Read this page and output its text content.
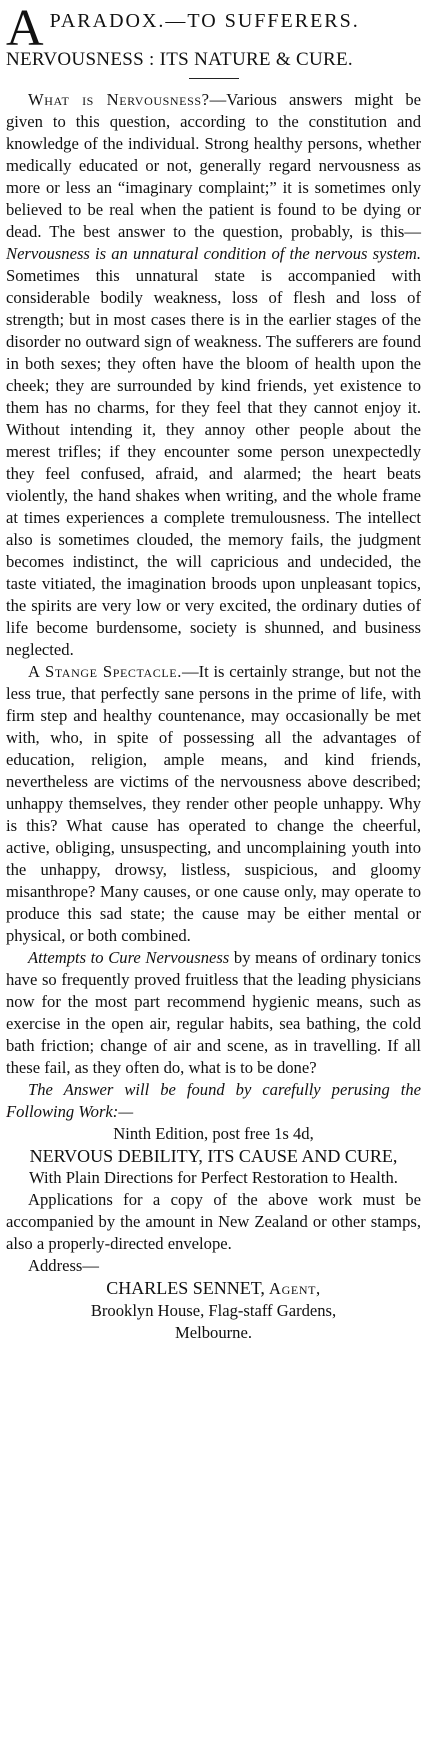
A PARADOX.—TO SUFFERERS.
NERVOUSNESS : ITS NATURE & CURE.

What is Nervousness?—Various answers might be given to this question, according to the constitution and knowledge of the individual. Strong healthy persons, whether medically educated or not, generally regard nervousness as more or less an “imaginary complaint;” it is sometimes only believed to be real when the patient is found to be dying or dead. The best answer to the question, probably, is this—Nervousness is an unnatural condition of the nervous system. Sometimes this unnatural state is accompanied with considerable bodily weakness, loss of flesh and loss of strength; but in most cases there is in the earlier stages of the disorder no outward sign of weakness. The sufferers are found in both sexes; they often have the bloom of health upon the cheek; they are surrounded by kind friends, yet existence to them has no charms, for they feel that they cannot enjoy it. Without intending it, they annoy other people about the merest trifles; if they encounter some person unexpectedly they feel confused, afraid, and alarmed; the heart beats violently, the hand shakes when writing, and the whole frame at times experiences a complete tremulousness. The intellect also is sometimes clouded, the memory fails, the judgment becomes indistinct, the will capricious and undecided, the taste vitiated, the imagination broods upon unpleasant topics, the spirits are very low or very excited, the ordinary duties of life become burdensome, society is shunned, and business neglected.

A Stange Spectacle.—It is certainly strange, but not the less true, that perfectly sane persons in the prime of life, with firm step and healthy countenance, may occasionally be met with, who, in spite of possessing all the advantages of education, religion, ample means, and kind friends, nevertheless are victims of the nervousness above described; unhappy themselves, they render other people unhappy. Why is this? What cause has operated to change the cheerful, active, obliging, unsuspecting, and uncomplaining youth into the unhappy, drowsy, listless, suspicious, and gloomy misanthrope? Many causes, or one cause only, may operate to produce this sad state; the cause may be either mental or physical, or both combined.

Attempts to Cure Nervousness by means of ordinary tonics have so frequently proved fruitless that the leading physicians now for the most part recommend hygienic means, such as exercise in the open air, regular habits, sea bathing, the cold bath friction; change of air and scene, as in travelling. If all these fail, as they often do, what is to be done?

The Answer will be found by carefully perusing the Following Work:—

Ninth Edition, post free 1s 4d,

NERVOUS DEBILITY, ITS CAUSE AND CURE,

With Plain Directions for Perfect Restoration to Health.

Applications for a copy of the above work must be accompanied by the amount in New Zealand or other stamps, also a properly-directed envelope.

Address—

CHARLES SENNET, Agent,

Brooklyn House, Flag-staff Gardens,

Melbourne.
